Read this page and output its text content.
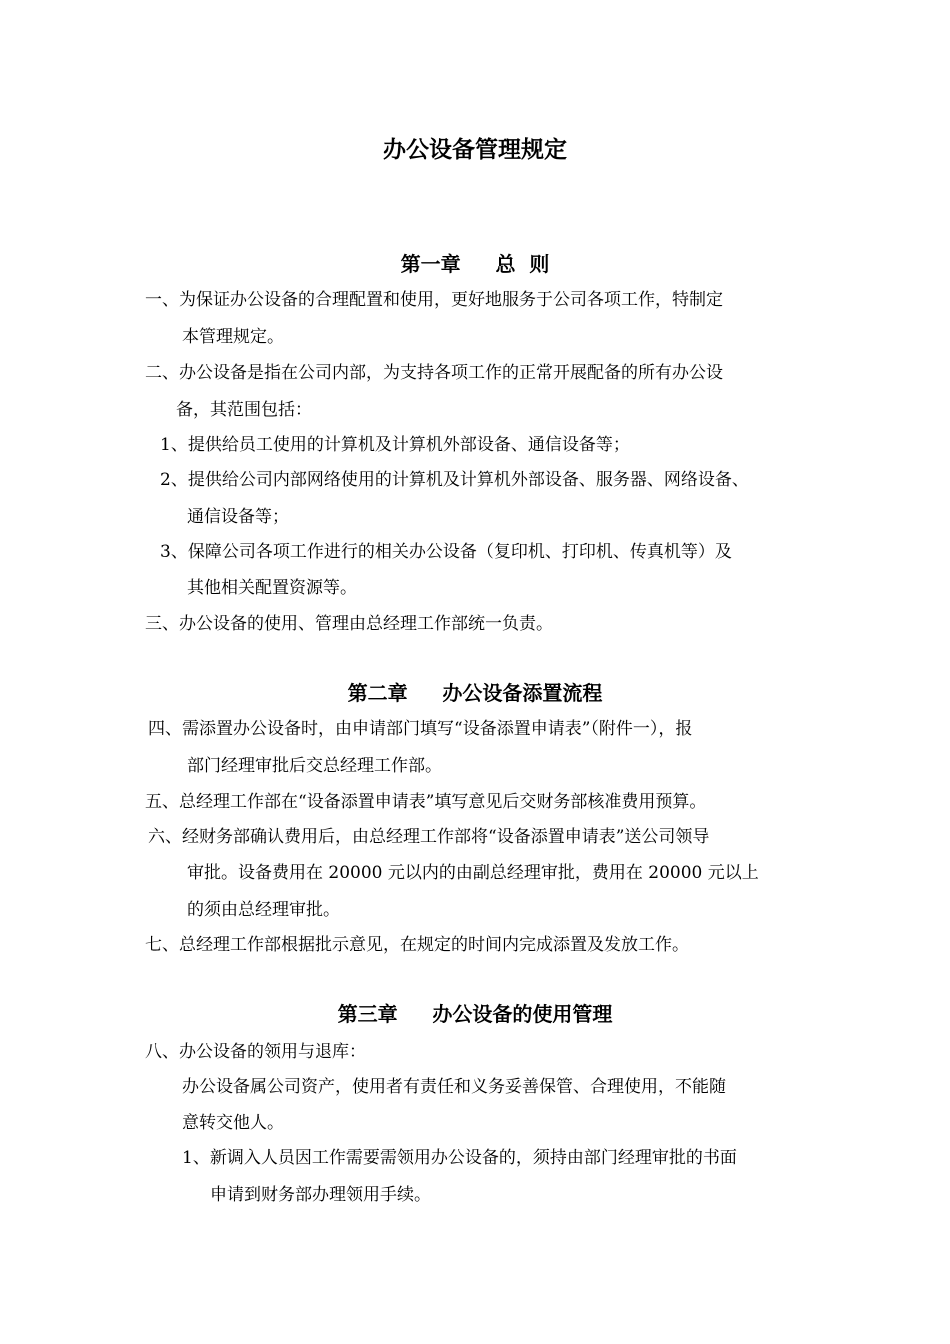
办公设备管理规定
第一章     总  则
一、为保证办公设备的合理配置和使用，更好地服务于公司各项工作，特制定
本管理规定。
二、办公设备是指在公司内部，为支持各项工作的正常开展配备的所有办公设
备，其范围包括：
1、提供给员工使用的计算机及计算机外部设备、通信设备等；
2、提供给公司内部网络使用的计算机及计算机外部设备、服务器、网络设备、
通信设备等；
3、保障公司各项工作进行的相关办公设备（复印机、打印机、传真机等）及
其他相关配置资源等。
三、办公设备的使用、管理由总经理工作部统一负责。
第二章     办公设备添置流程
四、需添置办公设备时，由申请部门填写“设备添置申请表”（附件一），报
部门经理审批后交总经理工作部。
五、总经理工作部在“设备添置申请表”填写意见后交财务部核准费用预算。
六、经财务部确认费用后，由总经理工作部将“设备添置申请表”送公司领导
审批。设备费用在 20000 元以内的由副总经理审批，费用在 20000 元以上
的须由总经理审批。
七、总经理工作部根据批示意见，在规定的时间内完成添置及发放工作。
第三章     办公设备的使用管理
八、办公设备的领用与退库：
办公设备属公司资产，使用者有责任和义务妥善保管、合理使用，不能随
意转交他人。
1、新调入人员因工作需要需领用办公设备的，须持由部门经理审批的书面
申请到财务部办理领用手续。
